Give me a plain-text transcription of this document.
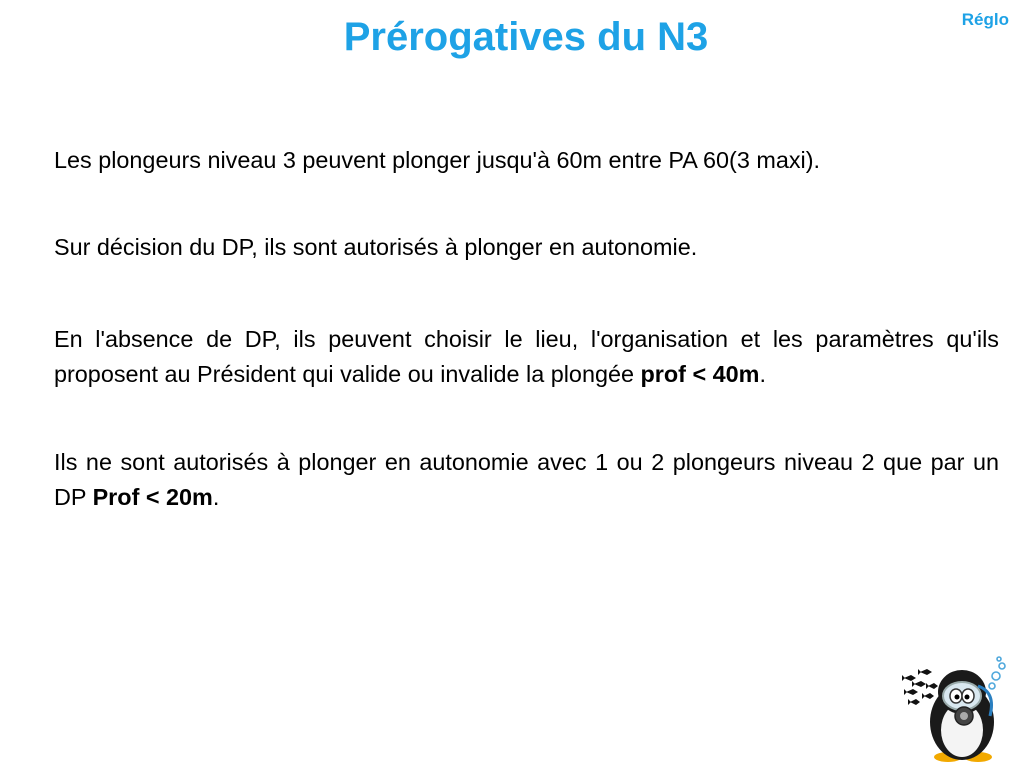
Prérogatives du N3	Réglo

Les plongeurs niveau 3 peuvent plonger jusqu'à 60m entre PA 60(3 maxi).

Sur décision du DP, ils sont autorisés à plonger en autonomie.

En l'absence de DP, ils peuvent choisir le lieu, l'organisation et les paramètres qu'ils proposent au Président qui valide ou invalide la plongée prof < 40m.

Ils ne sont autorisés à plonger en autonomie avec 1 ou 2 plongeurs niveau 2 que par un DP Prof < 20m.
